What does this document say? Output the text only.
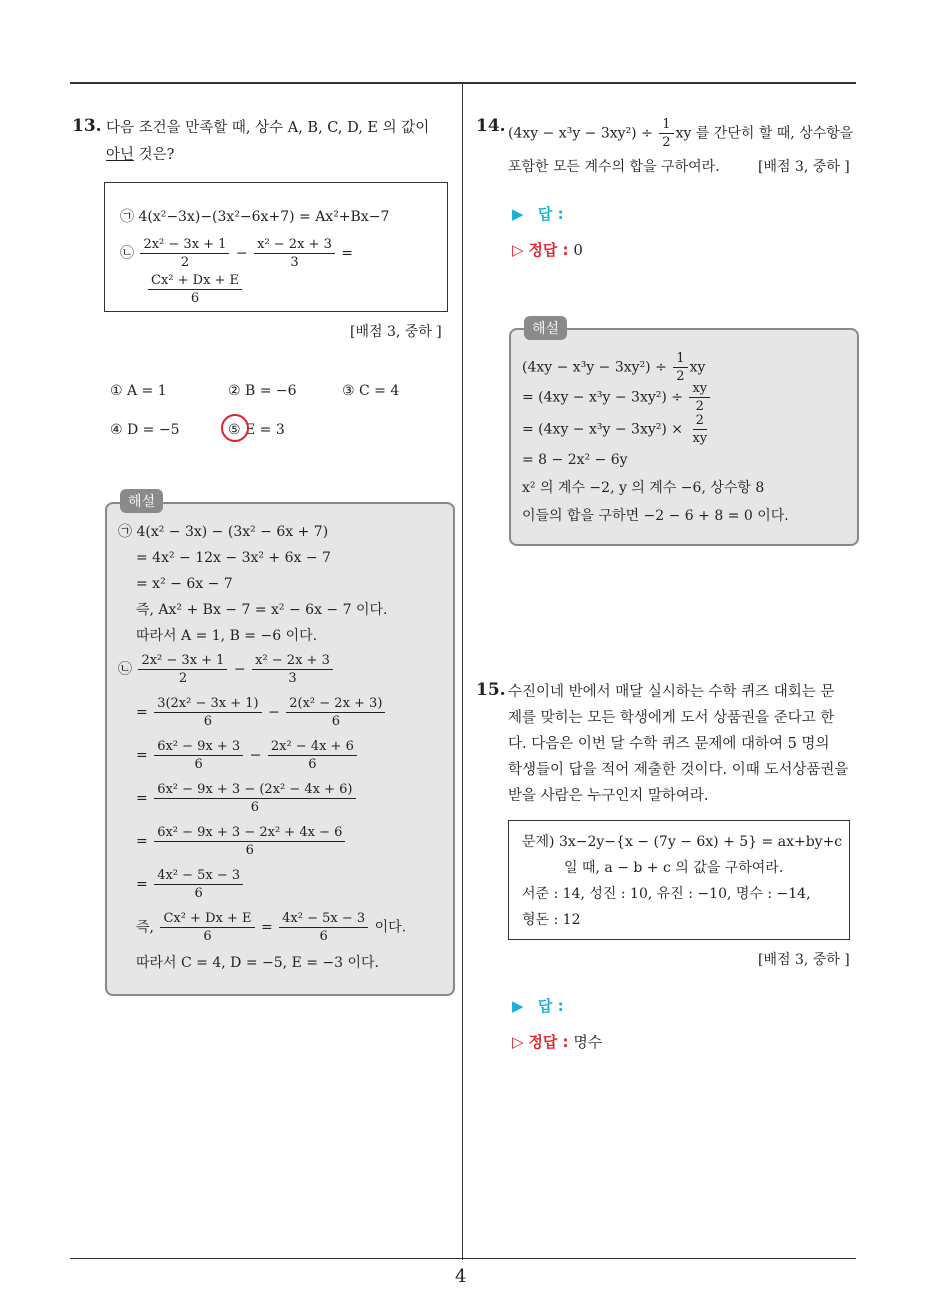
4
13. 다음 조건을 만족할 때, 상수 A, B, C, D, E 의 값이
아닌 것은?
㉠ 4(x²−3x)−(3x²−6x+7) = Ax²+Bx−7
㉡ $\frac{\text{2x² − 3x + 1}}{2} - \frac{\text{x² − 2x + 3}}{3}$ =
$\frac{\text{Cx² + Dx + E}}{6}$
[배점 3, 중하 ]
① A = 1	② B = −6	③ C = 4
④ D = −5	⑤ E = 3
해설
㉠ 4(x² − 3x) − (3x² − 6x + 7)
= 4x² − 12x − 3x² + 6x − 7
= x² − 6x − 7
즉, Ax² + Bx − 7 = x² − 6x − 7 이다.
따라서 A = 1, B = −6 이다.
㉡ $\frac{\text{2x² − 3x + 1}}{2} - \frac{\text{x² − 2x + 3}}{3}$
= $\frac{\text{3(2x² − 3x + 1)}}{6} - \frac{\text{2(x² − 2x + 3)}}{6}$
= $\frac{\text{6x² − 9x + 3}}{6} - \frac{\text{2x² − 4x + 6}}{6}$
= $\frac{\text{6x² − 9x + 3 − (2x² − 4x + 6)}}{6}$
= $\frac{\text{6x² − 9x + 3 − 2x² + 4x − 6}}{6}$
= $\frac{\text{4x² − 5x − 3}}{6}$
즉, $\frac{\text{Cx² + Dx + E}}{6} = \frac{\text{4x² − 5x − 3}}{6}$ 이다.
따라서 C = 4, D = −5, E = −3 이다.
14. $(4xy - x^3y - 3xy^2) \div \frac{1}{2}$ xy 를 간단히 할 때, 상수항을
포함한 모든 계수의 합을 구하여라.	[배점 3, 중하 ]
▶ 답 :
▷ 정답 : 0
해설
$(4xy - x^3y - 3xy^2) \div \frac{1}{2}$ xy
= $(4xy - x^3y - 3xy^2) \div \frac{xy}{2}$
= $(4xy - x^3y - 3xy^2) \times \frac{2}{xy}$
= 8 − 2x² − 6y
x² 의 계수 −2, y 의 계수 −6, 상수항 8
이들의 합을 구하면 −2 − 6 + 8 = 0 이다.
15. 수진이네 반에서 매달 실시하는 수학 퀴즈 대회는 문
제를 맞히는 모든 학생에게 도서 상품권을 준다고 한
다. 다음은 이번 달 수학 퀴즈 문제에 대하여 5 명의
학생들이 답을 적어 제출한 것이다. 이때 도서상품권을
받을 사람은 누구인지 말하여라.
문제) 3x−2y−{x − (7y − 6x) + 5} = ax+by+c
일 때, a − b + c 의 값을 구하여라.
서준 : 14, 성진 : 10, 유진 : −10, 명수 : −14,
형돈 : 12
[배점 3, 중하 ]
▶ 답 :
▷ 정답 : 명수
